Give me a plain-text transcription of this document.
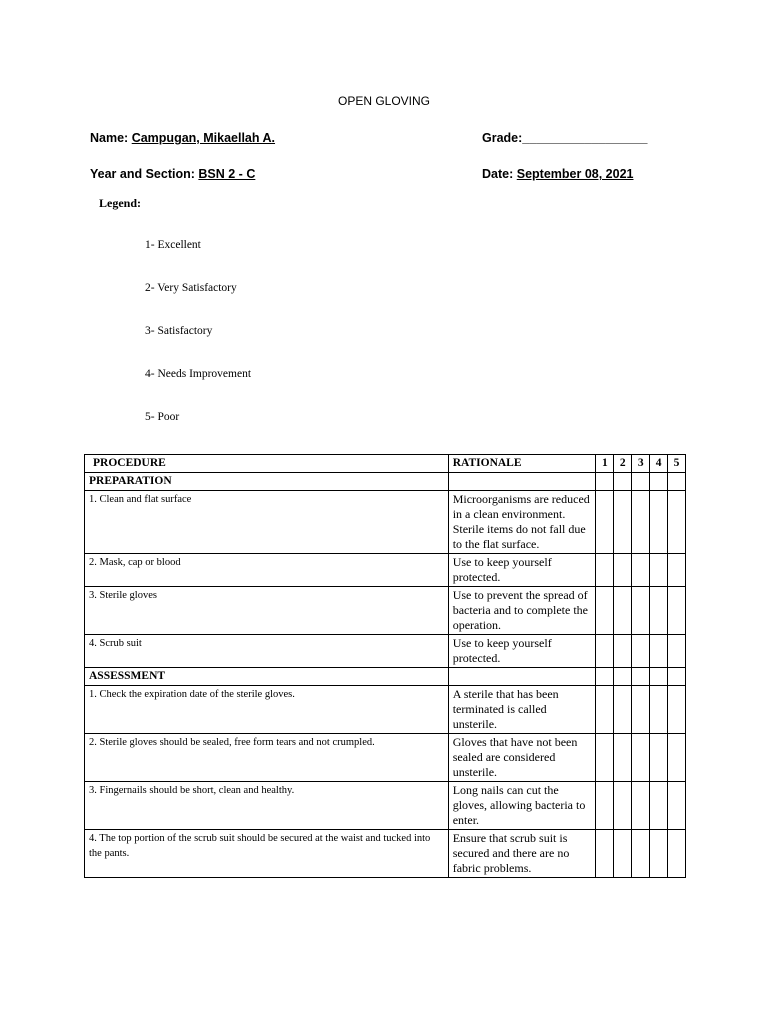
OPEN GLOVING
Name: Campugan, Mikaellah A.	Grade:__________________
Year and Section: BSN 2 - C	Date: September 08, 2021
Legend:
1- Excellent
2- Very Satisfactory
3- Satisfactory
4- Needs Improvement
5- Poor
PROCEDURE	RATIONALE	1	2	3	4	5
PREPARATION						
1. Clean and flat surface	Microorganisms are reduced in a clean environment. Sterile items do not fall due to the flat surface.					
2. Mask, cap or blood	Use to keep yourself protected.					
3. Sterile gloves	Use to prevent the spread of bacteria and to complete the operation.					
4. Scrub suit	Use to keep yourself protected.					
ASSESSMENT						
1. Check the expiration date of the sterile gloves.	A sterile that has been terminated is called unsterile.					
2. Sterile gloves should be sealed, free form tears and not crumpled.	Gloves that have not been sealed are considered unsterile.					
3. Fingernails should be short, clean and healthy.	Long nails can cut the gloves, allowing bacteria to enter.					
4. The top portion of the scrub suit should be secured at the waist and tucked into the pants.	Ensure that scrub suit is secured and there are no fabric problems.					
